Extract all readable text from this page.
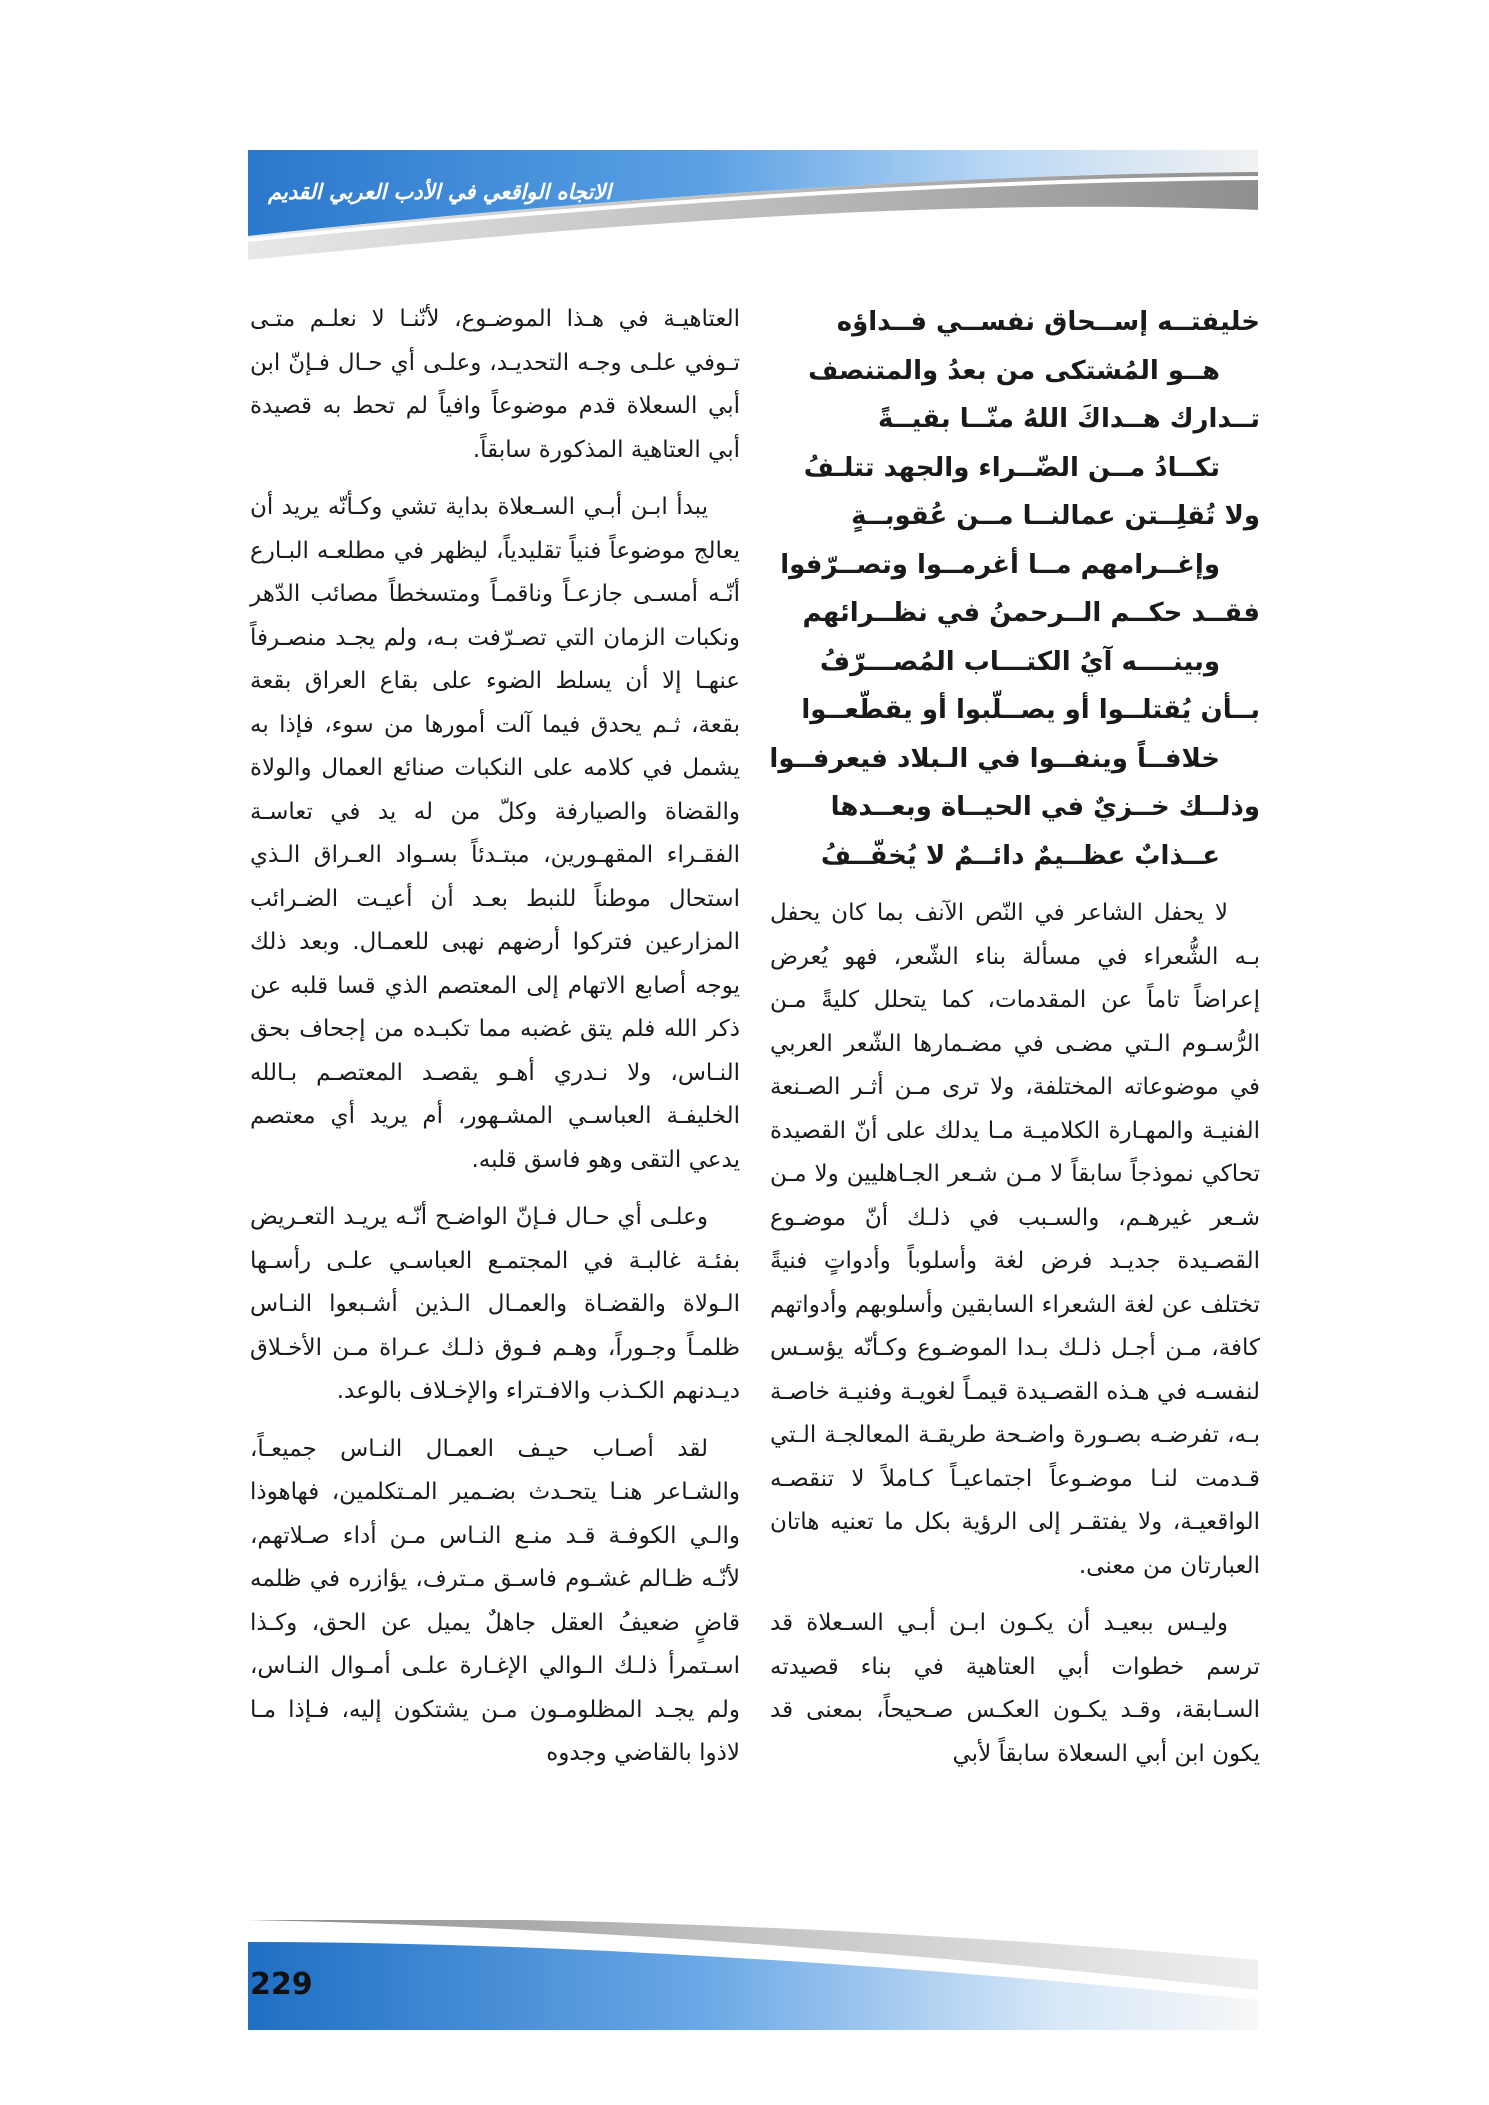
الاتجاه الواقعي في الأدب العربي القديم
خليفتــه إســحاق نفســي فــداؤه
هــو المُشتكى من بعدُ والمتنصف
تــدارك هــداكَ اللهُ منّــا بقيــةً
تكــادُ مــن الضّــراء والجهد تتلـفُ
ولا تُقلِــتن عمالنــا مــن عُقوبــةٍ
وإغــرامهم مــا أغرمــوا وتصــرّفوا
فقــد حكــم الــرحمنُ في نظــرائهم
وبينــــه آيُ الكتـــاب المُصـــرّفُ
بــأن يُقتلــوا أو يصــلّبوا أو يقطّعــوا
خلافــاً وينفــوا في الـبلاد فيعرفــوا
وذلــك خــزيٌ في الحيــاة وبعــدها
عــذابٌ عظــيمٌ دائــمٌ لا يُخفّــفُ

لا يحفل الشاعر في النّص الآنف بما كان يحفل بـه الشُّعراء في مسألة بناء الشّعر، فهو يُعرض إعراضاً تاماً عن المقدمات، كما يتحلل كليةً مـن الرُّسـوم الـتي مضـى في مضـمارها الشّعر العربي في موضوعاته المختلفة، ولا ترى مـن أثـر الصـنعة الفنيـة والمهـارة الكلاميـة مـا يدلك على أنّ القصيدة تحاكي نموذجاً سابقاً لا مـن شـعر الجـاهليين ولا مـن شـعر غيرهـم، والسـبب في ذلـك أنّ موضـوع القصـيدة جديـد فرض لغة وأسلوباً وأدواتٍ فنيةً تختلف عن لغة الشعراء السابقين وأسلوبهم وأدواتهم كافة، مـن أجـل ذلـك بـدا الموضـوع وكـأنّه يؤسـس لنفسـه في هـذه القصـيدة قيمـاً لغويـة وفنيـة خاصـة بـه، تفرضـه بصـورة واضـحة طريقـة المعالجـة الـتي قـدمت لنـا موضـوعاً اجتماعيـاً كـاملاً لا تنقصـه الواقعيـة، ولا يفتقـر إلى الرؤية بكل ما تعنيه هاتان العبارتان من معنى.

وليـس ببعيـد أن يكـون ابـن أبـي السـعلاة قد ترسم خطوات أبي العتاهية في بناء قصيدته السـابقة، وقـد يكـون العكـس صـحيحاً، بمعنى قد يكون ابن أبي السعلاة سابقاً لأبي

العتاهيـة في هـذا الموضـوع، لأنّنـا لا نعلـم متـى تـوفي علـى وجـه التحديـد، وعلـى أي حـال فـإنّ ابن أبي السعلاة قدم موضوعاً وافياً لم تحط به قصيدة أبي العتاهية المذكورة سابقاً.

يبدأ ابـن أبـي السـعلاة بداية تشي وكـأنّه يريد أن يعالج موضوعاً فنياً تقليدياً، ليظهر في مطلعـه البـارع أنّـه أمسـى جازعـاً وناقمـاً ومتسخطاً مصائب الدّهر ونكبات الزمان التي تصـرّفت بـه، ولم يجـد منصـرفاً عنهـا إلا أن يسلط الضوء على بقاع العراق بقعة بقعة، ثـم يحدق فيما آلت أمورها من سوء، فإذا به يشمل في كلامه على النكبات صنائع العمال والولاة والقضاة والصيارفة وكلّ من له يد في تعاسـة الفقـراء المقهـورين، مبتـدئاً بسـواد العـراق الـذي استحال موطناً للنبط بعـد أن أعيـت الضـرائب المزارعين فتركوا أرضهم نهبى للعمـال. وبعد ذلك يوجه أصابع الاتهام إلى المعتصم الذي قسا قلبه عن ذكر الله فلم يتق غضبه مما تكبـده من إجحاف بحق النـاس، ولا نـدري أهـو يقصـد المعتصـم بـالله الخليفـة العباسـي المشـهور، أم يريد أي معتصم يدعي التقى وهو فاسق قلبه.

وعلـى أي حـال فـإنّ الواضـح أنّـه يريـد التعـريض بفئـة غالبـة في المجتمـع العباسـي علـى رأسـها الـولاة والقضـاة والعمـال الـذين أشـبعوا النـاس ظلمـاً وجـوراً، وهـم فـوق ذلـك عـراة مـن الأخـلاق ديـدنهم الكـذب والافـتراء والإخـلاف بالوعد.

لقد أصـاب حيـف العمـال النـاس جميعـاً، والشـاعر هنـا يتحـدث بضـمير المـتكلمين، فهاهوذا والـي الكوفـة قـد منـع النـاس مـن أداء صـلاتهم، لأنّـه ظـالم غشـوم فاسـق مـترف، يؤازره في ظلمه قاضٍ ضعيفُ العقل جاهلٌ يميل عن الحق، وكـذا اسـتمرأ ذلـك الـوالي الإغـارة علـى أمـوال النـاس، ولم يجـد المظلومـون مـن يشتكون إليه، فـإذا مـا لاذوا بالقاضي وجدوه

229
